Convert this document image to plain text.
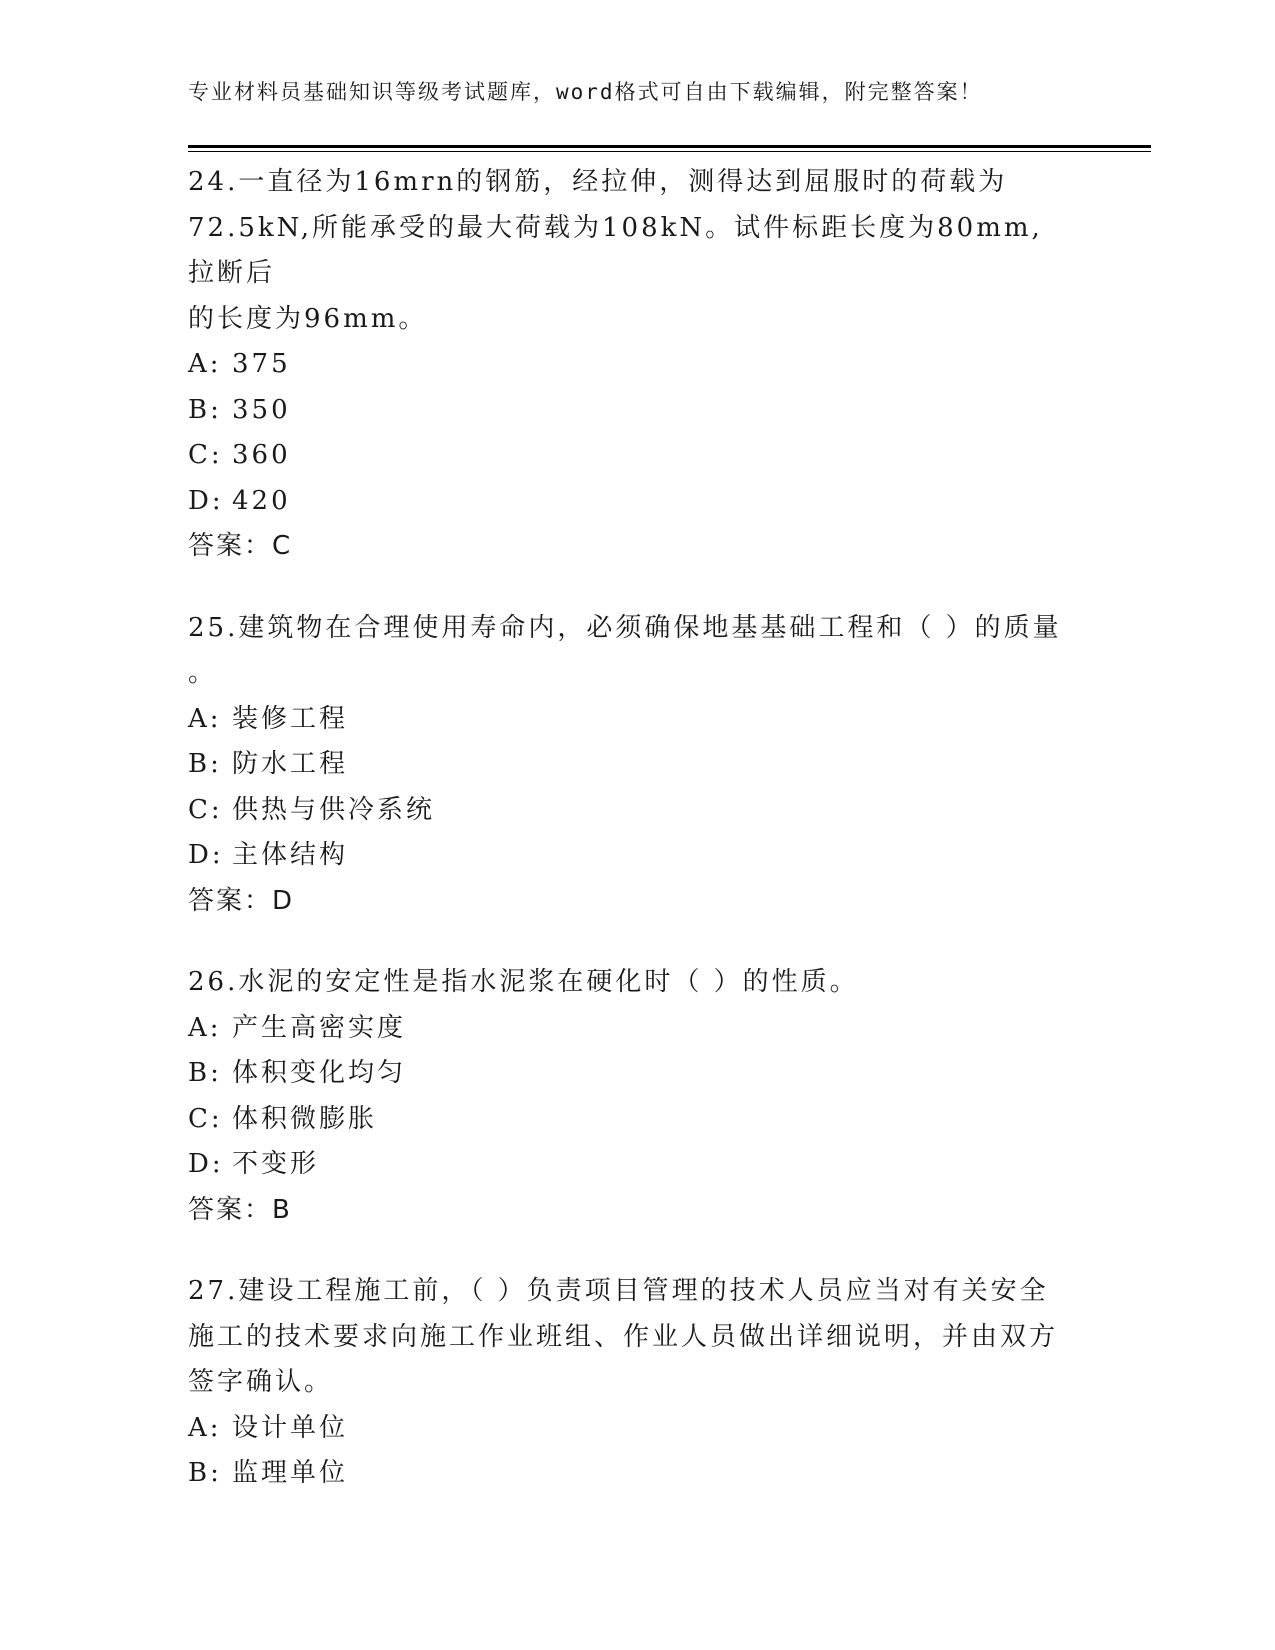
专业材料员基础知识等级考试题库，word格式可自由下载编辑，附完整答案！
24.一直径为16mrn的钢筋，经拉伸，测得达到屈服时的荷载为
72.5kN,所能承受的最大荷载为108kN。试件标距长度为80mm,拉断后
的长度为96mm。
A: 375
B: 350
C: 360
D: 420
答案：C
25.建筑物在合理使用寿命内，必须确保地基基础工程和（ ）的质量
。
A: 装修工程
B: 防水工程
C: 供热与供冷系统
D: 主体结构
答案：D
26.水泥的安定性是指水泥浆在硬化时（ ）的性质。
A: 产生高密实度
B: 体积变化均匀
C: 体积微膨胀
D: 不变形
答案：B
27.建设工程施工前，（ ）负责项目管理的技术人员应当对有关安全
施工的技术要求向施工作业班组、作业人员做出详细说明，并由双方
签字确认。
A: 设计单位
B: 监理单位
